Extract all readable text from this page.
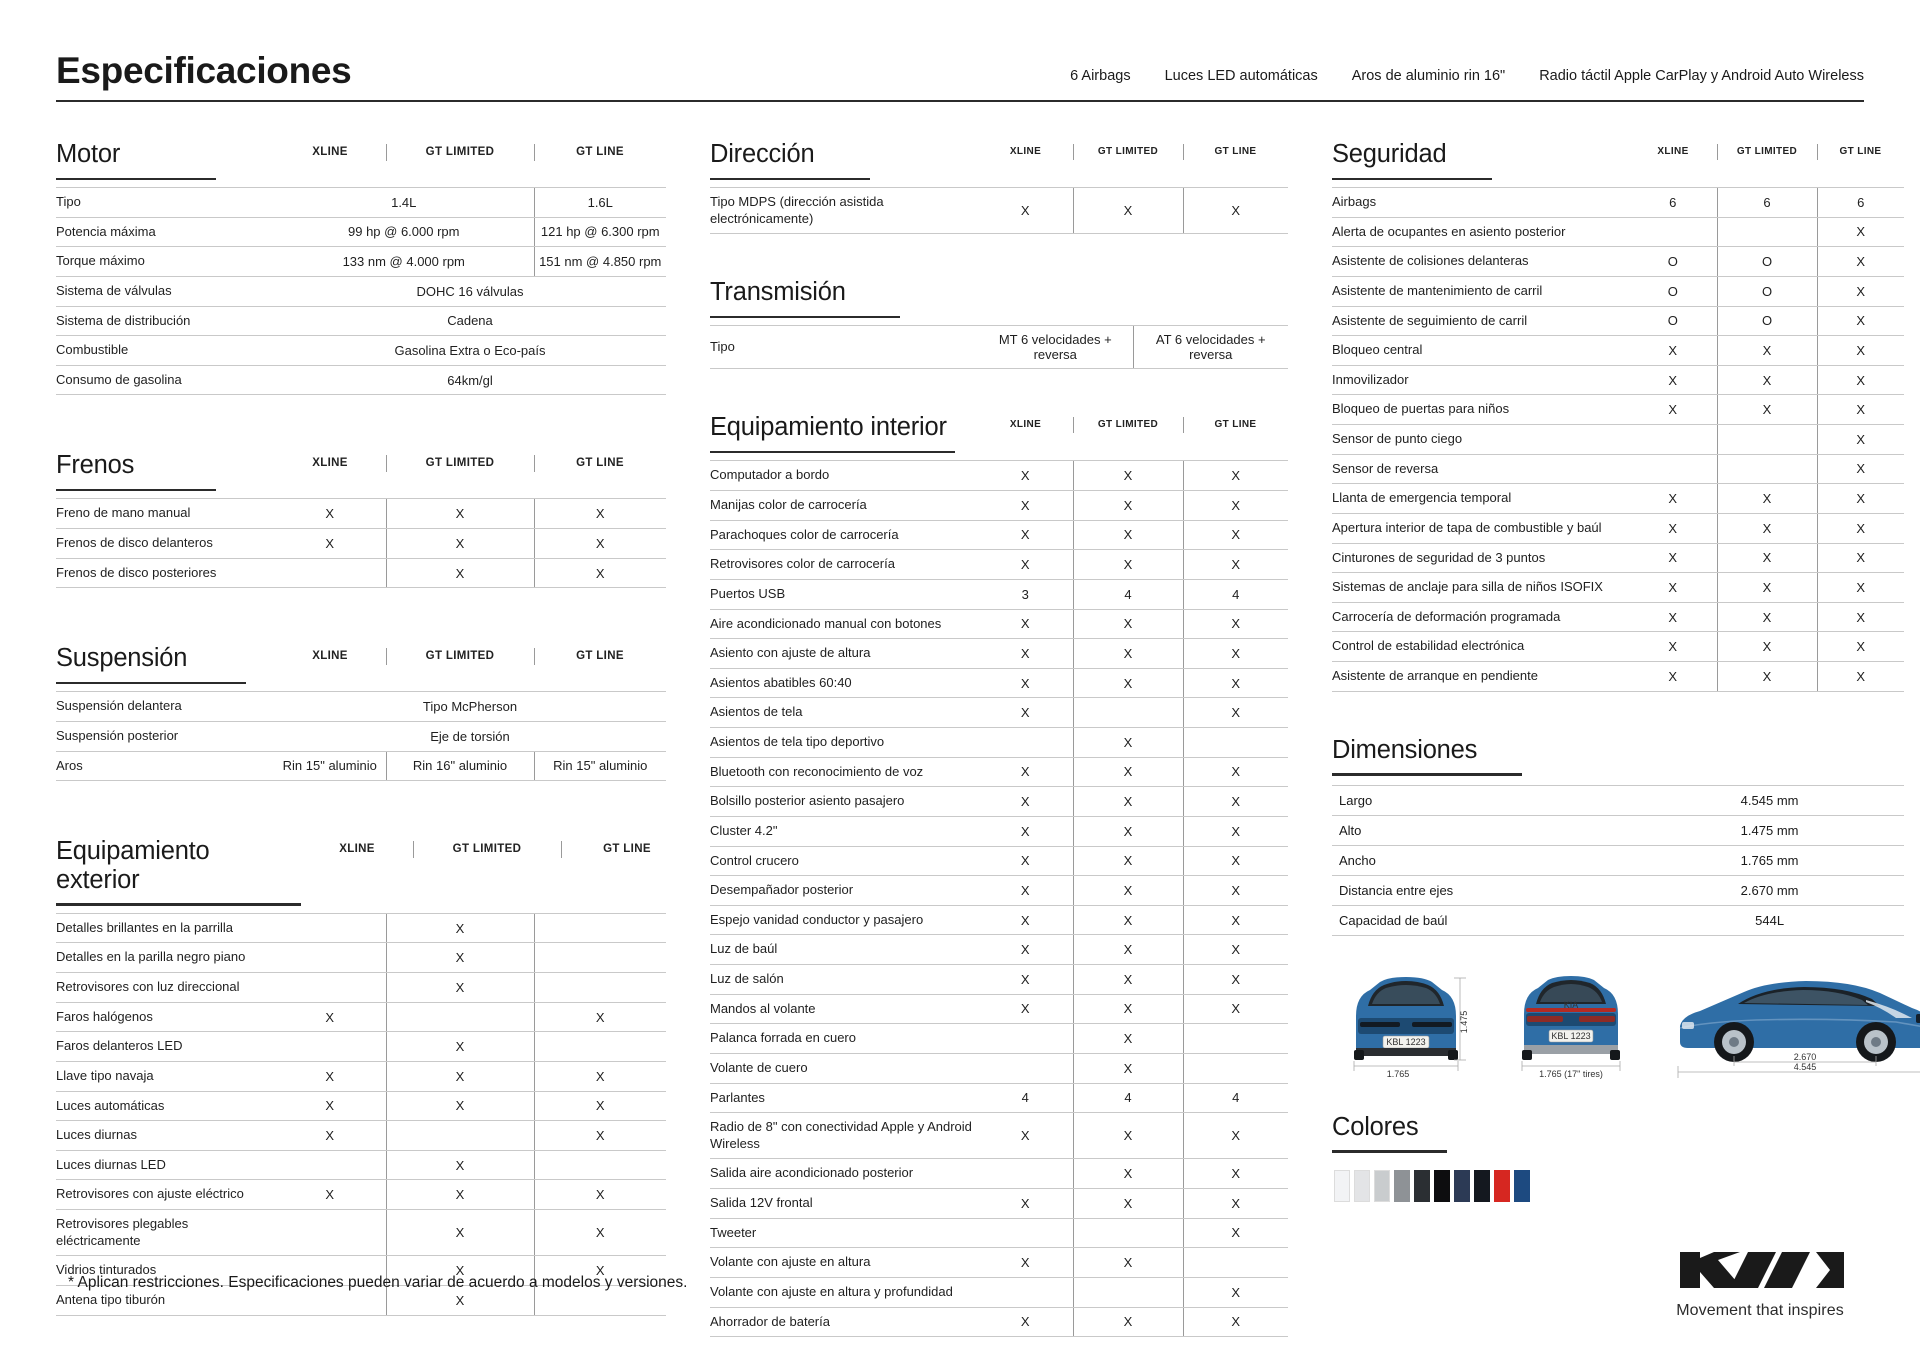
Especificaciones	6 Airbags Luces LED automáticas Aros de aluminio rin 16" Radio táctil Apple CarPlay y Android Auto Wireless
Motor	XLINE	GT LIMITED	GT LINE
Tipo	1.4L	1.6L
Potencia máxima	99 hp @ 6.000 rpm	121 hp @ 6.300 rpm
Torque máximo	133 nm @ 4.000 rpm	151 nm @ 4.850 rpm
Sistema de válvulas	DOHC 16 válvulas	
Sistema de distribución	Cadena	
Combustible	Gasolina Extra o Eco-país	
Consumo de gasolina	64km/gl	
Frenos	XLINE	GT LIMITED	GT LINE
Freno de mano manual	X	X	X
Frenos de disco delanteros	X	X	X
Frenos de disco posteriores		X	X
Suspensión	XLINE	GT LIMITED	GT LINE
Suspensión delantera	Tipo McPherson		
Suspensión posterior	Eje de torsión		
Aros	Rin 15" aluminio	Rin 16" aluminio	Rin 15" aluminio
Equipamiento exterior
XLINE	GT LIMITED	GT LINE
Detalles brillantes en la parrilla		X	
Detalles en la parilla negro piano		X	
Retrovisores con luz direccional		X	
Faros halógenos	X		X
Faros delanteros LED		X	
Llave tipo navaja	X	X	X
Luces automáticas	X	X	X
Luces diurnas	X		X
Luces diurnas LED		X	
Retrovisores con ajuste eléctrico	X	X	X
Retrovisores plegables eléctricamente		X	X
Vidrios tinturados		X	X
Antena tipo tiburón		X	
Dirección	XLINE	GT LIMITED	GT LINE
Tipo MDPS (dirección asistida electrónicamente)	X	X	X
Transmisión
Tipo	MT 6 velocidades + reversa	AT 6 velocidades + reversa
Equipamiento interior	XLINE	GT LIMITED	GT LINE
Computador a bordo	X	X	X
Manijas color de carrocería	X	X	X
Parachoques color de carrocería	X	X	X
Retrovisores color de carrocería	X	X	X
Puertos USB	3	4	4
Aire acondicionado manual con botones	X	X	X
Asiento con ajuste de altura	X	X	X
Asientos abatibles 60:40	X	X	X
Asientos de tela	X		X
Asientos de tela tipo deportivo		X	
Bluetooth con reconocimiento de voz	X	X	X
Bolsillo posterior asiento pasajero	X	X	X
Cluster 4.2"	X	X	X
Control crucero	X	X	X
Desempañador posterior	X	X	X
Espejo vanidad conductor y pasajero	X	X	X
Luz de baúl	X	X	X
Luz de salón	X	X	X
Mandos al volante	X	X	X
Palanca forrada en cuero		X	
Volante de cuero		X	
Parlantes	4	4	4
Radio de 8" con conectividad Apple y Android Wireless	X	X	X
Salida aire acondicionado posterior		X	X
Salida 12V frontal	X	X	X
Tweeter			X
Volante con ajuste en altura	X	X	
Volante con ajuste en altura y profundidad			X
Ahorrador de batería	X	X	X
Seguridad	XLINE	GT LIMITED	GT LINE
Airbags	6	6	6
Alerta de ocupantes en asiento posterior			X
Asistente de colisiones delanteras	O	O	X
Asistente de mantenimiento de carril	O	O	X
Asistente de seguimiento de carril	O	O	X
Bloqueo central	X	X	X
Inmovilizador	X	X	X
Bloqueo de puertas para niños	X	X	X
Sensor de punto ciego			X
Sensor de reversa			X
Llanta de emergencia temporal	X	X	X
Apertura interior de tapa de combustible y baúl	X	X	X
Cinturones de seguridad de 3 puntos	X	X	X
Sistemas de anclaje para silla de niños ISOFIX	X	X	X
Carrocería de deformación programada	X	X	X
Control de estabilidad electrónica	X	X	X
Asistente de arranque en pendiente	X	X	X
Dimensiones
Largo	4.545 mm
Alto	1.475 mm
Ancho	1.765 mm
Distancia entre ejes	2.670 mm
Capacidad de baúl	544L
KBL 1223
1.475
1.765
KIA
KBL 1223
1.765 (17" tires)
2.670
4.545
Colores
* Aplican restricciones. Especificaciones pueden variar de acuerdo a modelos y versiones.
Movement that inspires
